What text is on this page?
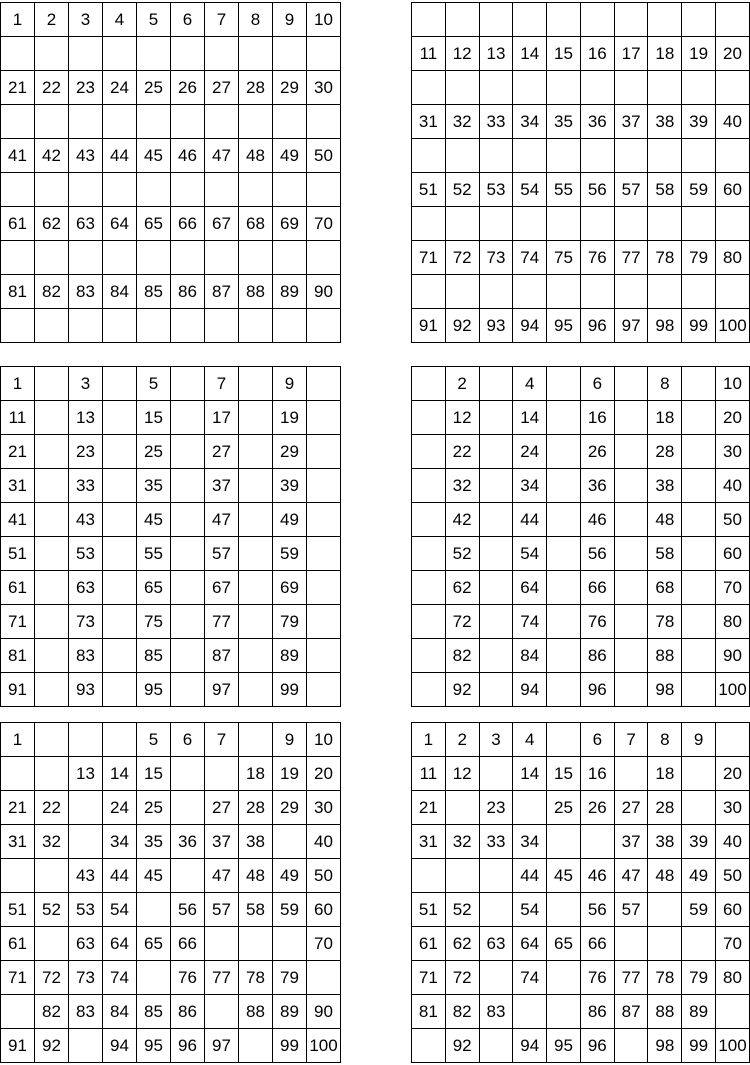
1	2	3	4	5	6	7	8	9	10

21	22	23	24	25	26	27	28	29	30

41	42	43	44	45	46	47	48	49	50

61	62	63	64	65	66	67	68	69	70

81	82	83	84	85	86	87	88	89	90

11	12	13	14	15	16	17	18	19	20

31	32	33	34	35	36	37	38	39	40

51	52	53	54	55	56	57	58	59	60

71	72	73	74	75	76	77	78	79	80

91	92	93	94	95	96	97	98	99	100
1		3		5		7		9	
11		13		15		17		19	
21		23		25		27		29	
31		33		35		37		39	
41		43		45		47		49	
51		53		55		57		59	
61		63		65		67		69	
71		73		75		77		79	
81		83		85		87		89	
91		93		95		97		99	
	2		4		6		8		10
	12		14		16		18		20
	22		24		26		28		30
	32		34		36		38		40
	42		44		46		48		50
	52		54		56		58		60
	62		64		66		68		70
	72		74		76		78		80
	82		84		86		88		90
	92		94		96		98		100
1				5	6	7		9	10
		13	14	15			18	19	20
21	22		24	25		27	28	29	30
31	32		34	35	36	37	38		40
		43	44	45		47	48	49	50
51	52	53	54		56	57	58	59	60
61		63	64	65	66				70
71	72	73	74		76	77	78	79	
	82	83	84	85	86		88	89	90
91	92		94	95	96	97		99	100
1	2	3	4		6	7	8	9	
11	12		14	15	16		18		20
21		23		25	26	27	28		30
31	32	33	34			37	38	39	40
			44	45	46	47	48	49	50
51	52		54		56	57		59	60
61	62	63	64	65	66				70
71	72		74		76	77	78	79	80
81	82	83			86	87	88	89	
	92		94	95	96		98	99	100
